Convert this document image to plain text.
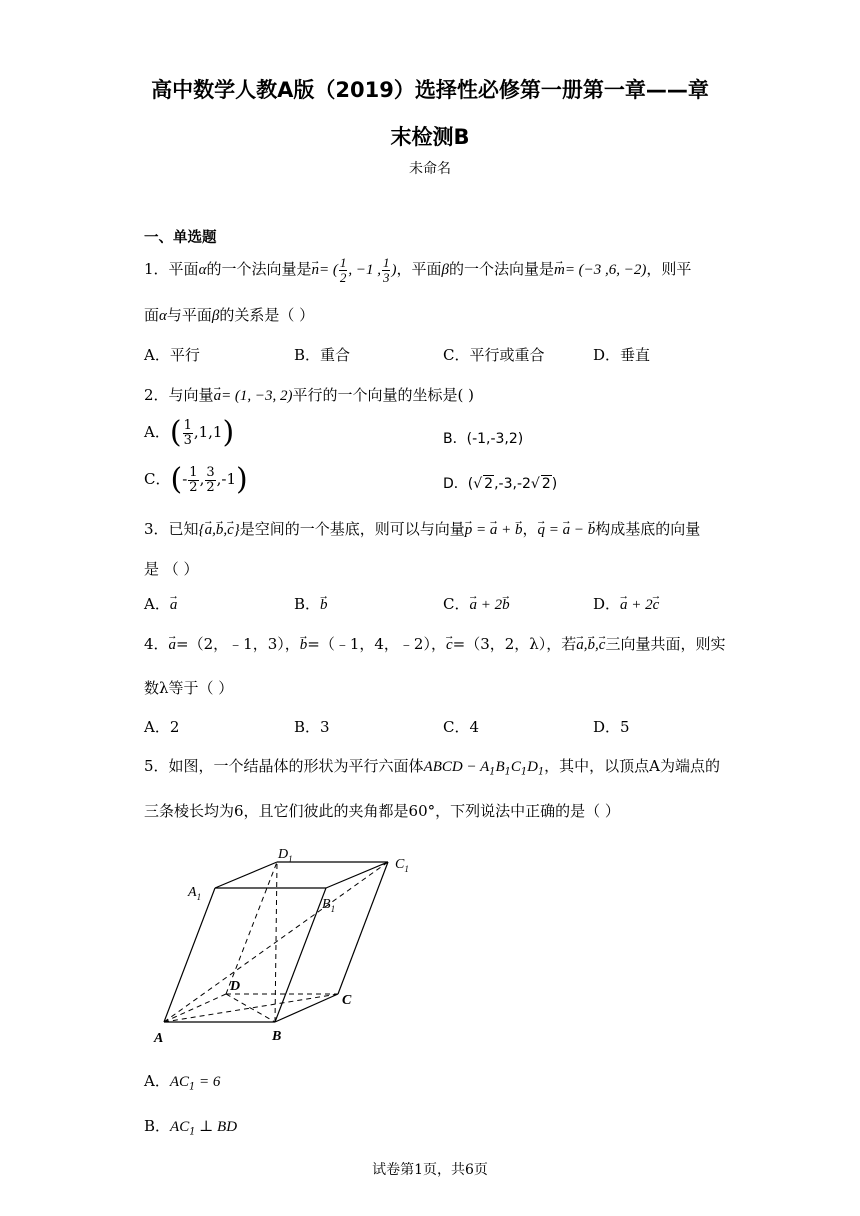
高中数学人教A版（2019）选择性必修第一册第一章——章
末检测B
未命名
一、单选题
1．平面α的一个法向量是→ n= ( $\frac{1}{2}$ , −1 , $\frac{1}{3}$ )，平面β的一个法向量是→ m= (−3 ,6, −2)，则平
面α与平面β的关系是（ ）
A．平行	B．重合	C．平行或重合	D．垂直
2．与向量→ a= (1, −3, 2)平行的一个向量的坐标是( )
A．( $\frac{1}{3} ,1,1$)	B．(-1,-3,2)
C．(- $\frac{1}{2}$ , $\frac{3}{2} ,-1$)	D．(√ 2,-3,-2√ 2)
3．已知{→ a,→ b,→ c}是空间的一个基底，则可以与向量→ p = → a + → b，→ q = → a − → b构成基底的向量
是 （ ）
A．→ a	B．→ b	C．→ a + 2→ b	D．→ a + 2→ c
4．→ a=（2，﹣1，3），→ b=（﹣1，4，﹣2），→ c=（3，2，λ），若→ a,→ b,→ c三向量共面，则实
数λ等于（ ）
A．2	B．3	C．4	D．5
5．如图，一个结晶体的形状为平行六面体ABCD − $A_1B_1C_1D_1$，其中，以顶点A为端点的
三条棱长均为6，且它们彼此的夹角都是60°，下列说法中正确的是（ ）
$D_1$	$C_1$
$A_1$	$B_1$
D
C
A	B
A．$AC_1 = 6$
B．$AC_1$ ⊥ BD
试卷第1页，共6页
